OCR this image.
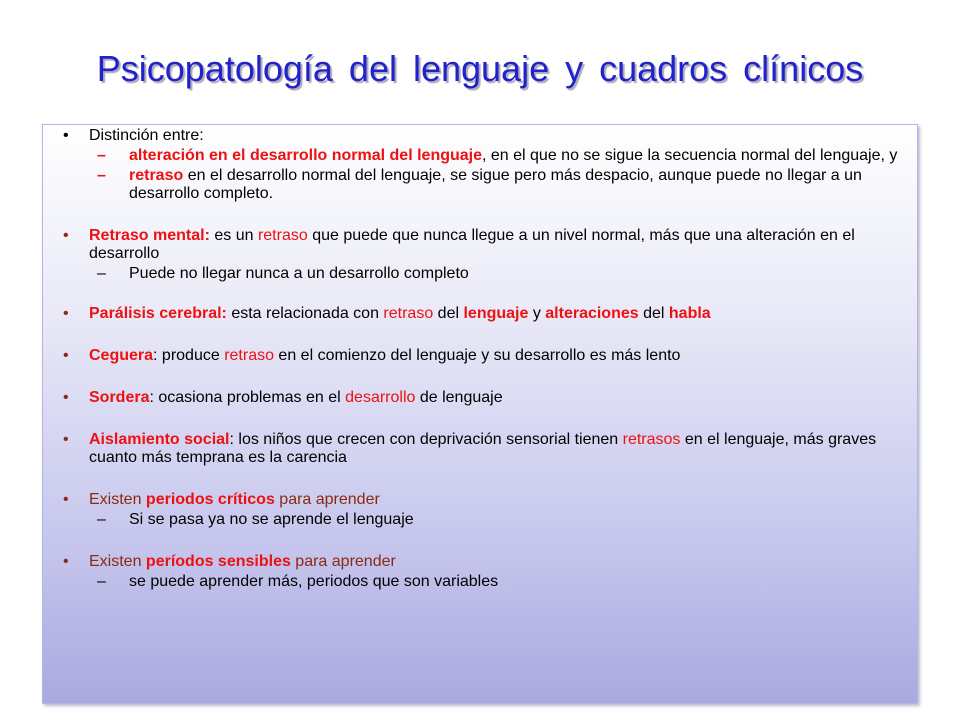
Psicopatología del lenguaje y cuadros clínicos
• Distinción entre:
– alteración en el desarrollo normal del lenguaje, en el que no se sigue la secuencia normal del lenguaje, y
– retraso en el desarrollo normal del lenguaje, se sigue pero más despacio, aunque puede no llegar a un desarrollo completo.
• Retraso mental: es un retraso que puede que nunca llegue a un nivel normal, más que una alteración en el desarrollo
– Puede no llegar nunca a un desarrollo completo
• Parálisis cerebral: esta relacionada con retraso del lenguaje y alteraciones del habla
• Ceguera: produce retraso en el comienzo del lenguaje y su desarrollo es más lento
• Sordera: ocasiona problemas en el desarrollo de lenguaje
• Aislamiento social: los niños que crecen con deprivación sensorial tienen retrasos en el lenguaje, más graves cuanto más temprana es la carencia
• Existen periodos críticos para aprender
– Si se pasa ya no se aprende el lenguaje
• Existen períodos sensibles para aprender
– se puede aprender más, periodos que son variables
